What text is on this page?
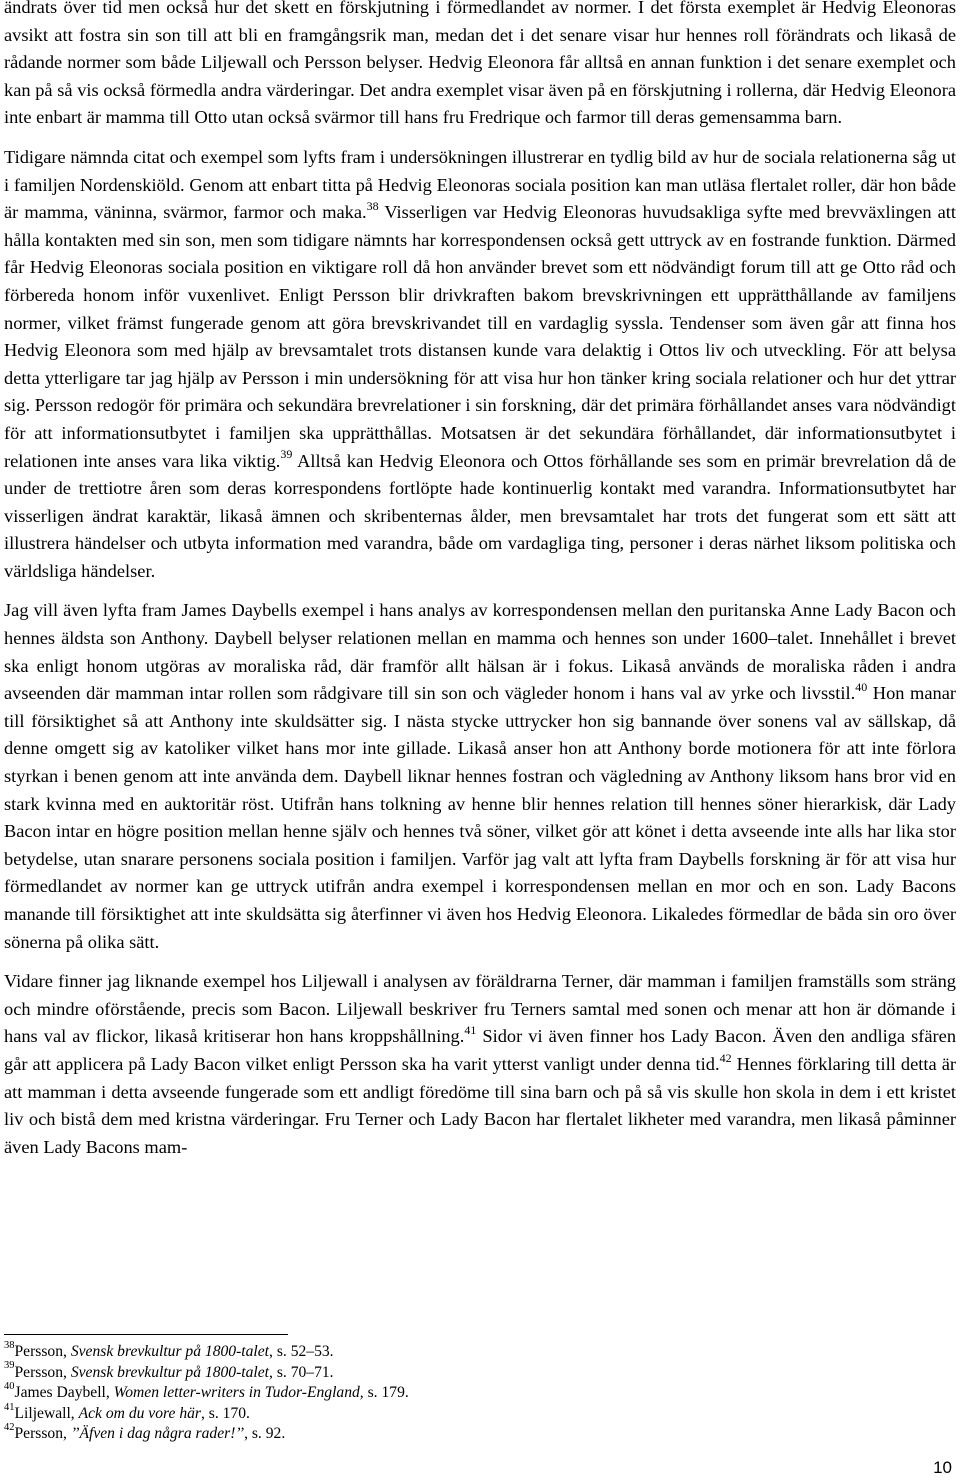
ändrats över tid men också hur det skett en förskjutning i förmedlandet av normer. I det första exemplet är Hedvig Eleonoras avsikt att fostra sin son till att bli en framgångsrik man, medan det i det senare visar hur hennes roll förändrats och likaså de rådande normer som både Liljewall och Persson belyser. Hedvig Eleonora får alltså en annan funktion i det senare exemplet och kan på så vis också förmedla andra värderingar. Det andra exemplet visar även på en förskjutning i rollerna, där Hedvig Eleonora inte enbart är mamma till Otto utan också svärmor till hans fru Fredrique och farmor till deras gemensamma barn.

Tidigare nämnda citat och exempel som lyfts fram i undersökningen illustrerar en tydlig bild av hur de sociala relationerna såg ut i familjen Nordenskiöld. Genom att enbart titta på Hedvig Eleonoras sociala position kan man utläsa flertalet roller, där hon både är mamma, väninna, svärmor, farmor och maka.$^{38}$ Visserligen var Hedvig Eleonoras huvudsakliga syfte med brevväxlingen att hålla kontakten med sin son, men som tidigare nämnts har korrespondensen också gett uttryck av en fostrande funktion. Därmed får Hedvig Eleonoras sociala position en viktigare roll då hon använder brevet som ett nödvändigt forum till att ge Otto råd och förbereda honom inför vuxenlivet. Enligt Persson blir drivkraften bakom brevskrivningen ett upprätthållande av familjens normer, vilket främst fungerade genom att göra brevskrivandet till en vardaglig syssla. Tendenser som även går att finna hos Hedvig Eleonora som med hjälp av brevsamtalet trots distansen kunde vara delaktig i Ottos liv och utveckling. För att belysa detta ytterligare tar jag hjälp av Persson i min undersökning för att visa hur hon tänker kring sociala relationer och hur det yttrar sig. Persson redogör för primära och sekundära brevrelationer i sin forskning, där det primära förhållandet anses vara nödvändigt för att informationsutbytet i familjen ska upprätthållas. Motsatsen är det sekundära förhållandet, där informationsutbytet i relationen inte anses vara lika viktig.$^{39}$ Alltså kan Hedvig Eleonora och Ottos förhållande ses som en primär brevrelation då de under de trettiotre åren som deras korrespondens fortlöpte hade kontinuerlig kontakt med varandra. Informationsutbytet har visserligen ändrat karaktär, likaså ämnen och skribenternas ålder, men brevsamtalet har trots det fungerat som ett sätt att illustrera händelser och utbyta information med varandra, både om vardagliga ting, personer i deras närhet liksom politiska och världsliga händelser.

Jag vill även lyfta fram James Daybells exempel i hans analys av korrespondensen mellan den puritanska Anne Lady Bacon och hennes äldsta son Anthony. Daybell belyser relationen mellan en mamma och hennes son under 1600–talet. Innehållet i brevet ska enligt honom utgöras av moraliska råd, där framför allt hälsan är i fokus. Likaså används de moraliska råden i andra avseenden där mamman intar rollen som rådgivare till sin son och vägleder honom i hans val av yrke och livsstil.$^{40}$ Hon manar till försiktighet så att Anthony inte skuldsätter sig. I nästa stycke uttrycker hon sig bannande över sonens val av sällskap, då denne omgett sig av katoliker vilket hans mor inte gillade. Likaså anser hon att Anthony borde motionera för att inte förlora styrkan i benen genom att inte använda dem. Daybell liknar hennes fostran och vägledning av Anthony liksom hans bror vid en stark kvinna med en auktoritär röst. Utifrån hans tolkning av henne blir hennes relation till hennes söner hierarkisk, där Lady Bacon intar en högre position mellan henne själv och hennes två söner, vilket gör att könet i detta avseende inte alls har lika stor betydelse, utan snarare personens sociala position i familjen. Varför jag valt att lyfta fram Daybells forskning är för att visa hur förmedlandet av normer kan ge uttryck utifrån andra exempel i korrespondensen mellan en mor och en son. Lady Bacons manande till försiktighet att inte skuldsätta sig återfinner vi även hos Hedvig Eleonora. Likaledes förmedlar de båda sin oro över sönerna på olika sätt.

Vidare finner jag liknande exempel hos Liljewall i analysen av föräldrarna Terner, där mamman i familjen framställs som sträng och mindre oförstående, precis som Bacon. Liljewall beskriver fru Terners samtal med sonen och menar att hon är dömande i hans val av flickor, likaså kritiserar hon hans kroppshållning.$^{41}$ Sidor vi även finner hos Lady Bacon. Även den andliga sfären går att applicera på Lady Bacon vilket enligt Persson ska ha varit ytterst vanligt under denna tid.$^{42}$ Hennes förklaring till detta är att mamman i detta avseende fungerade som ett andligt föredöme till sina barn och på så vis skulle hon skola in dem i ett kristet liv och bistå dem med kristna värderingar. Fru Terner och Lady Bacon har flertalet likheter med varandra, men likaså påminner även Lady Bacons mam-

$^{38}$Persson, Svensk brevkultur på 1800-talet, s. 52–53.

$^{39}$Persson, Svensk brevkultur på 1800-talet, s. 70–71.

$^{40}$James Daybell, Women letter-writers in Tudor-England, s. 179.

$^{41}$Liljewall, Ack om du vore här, s. 170.

$^{42}$Persson, ’’Äfven i dag några rader!’’, s. 92.

10
